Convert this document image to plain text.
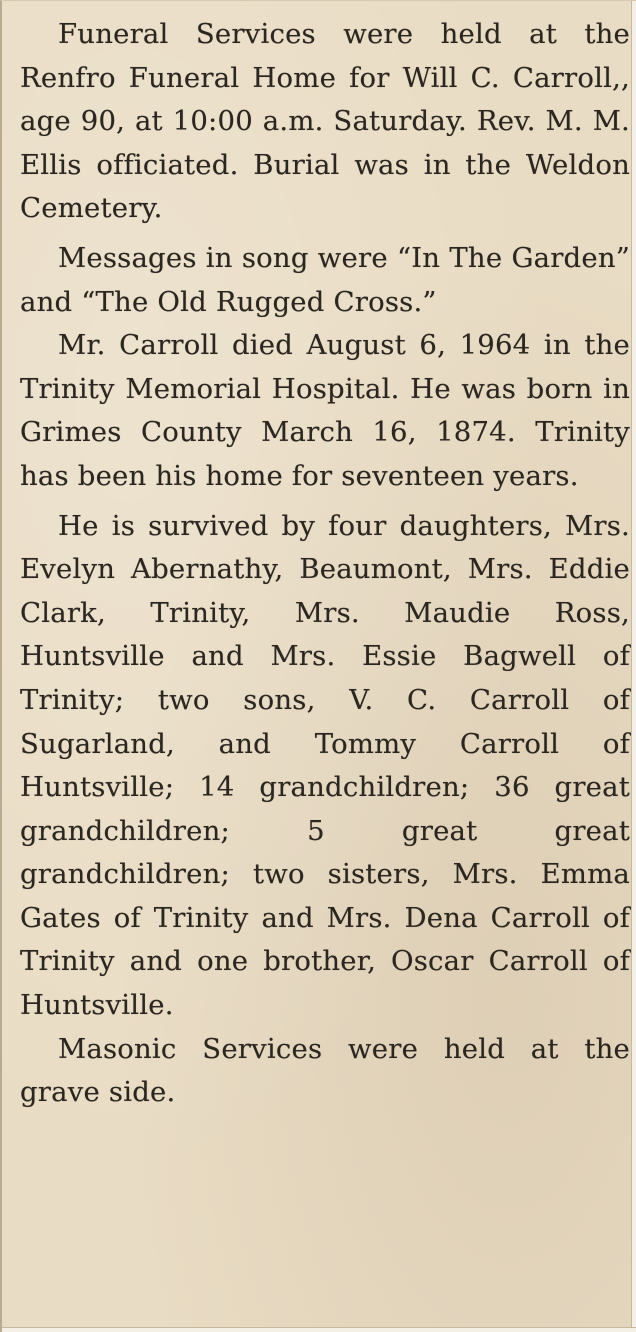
Funeral Services were held at the Renfro Funeral Home for Will C. Carroll,, age 90, at 10:00 a.m. Saturday. Rev. M. M. Ellis officiated. Burial was in the Weldon Cemetery.

Messages in song were “In The Garden” and “The Old Rugged Cross.”

Mr. Carroll died August 6, 1964 in the Trinity Memorial Hospital. He was born in Grimes County March 16, 1874. Trinity has been his home for seventeen years.

He is survived by four daughters, Mrs. Evelyn Abernathy, Beaumont, Mrs. Eddie Clark, Trinity, Mrs. Maudie Ross, Huntsville and Mrs. Essie Bagwell of Trinity; two sons, V. C. Carroll of Sugarland, and Tommy Carroll of Huntsville; 14 grandchildren; 36 great grandchildren; 5 great great grandchildren; two sisters, Mrs. Emma Gates of Trinity and Mrs. Dena Carroll of Trinity and one brother, Oscar Carroll of Huntsville.

Masonic Services were held at the grave side.
